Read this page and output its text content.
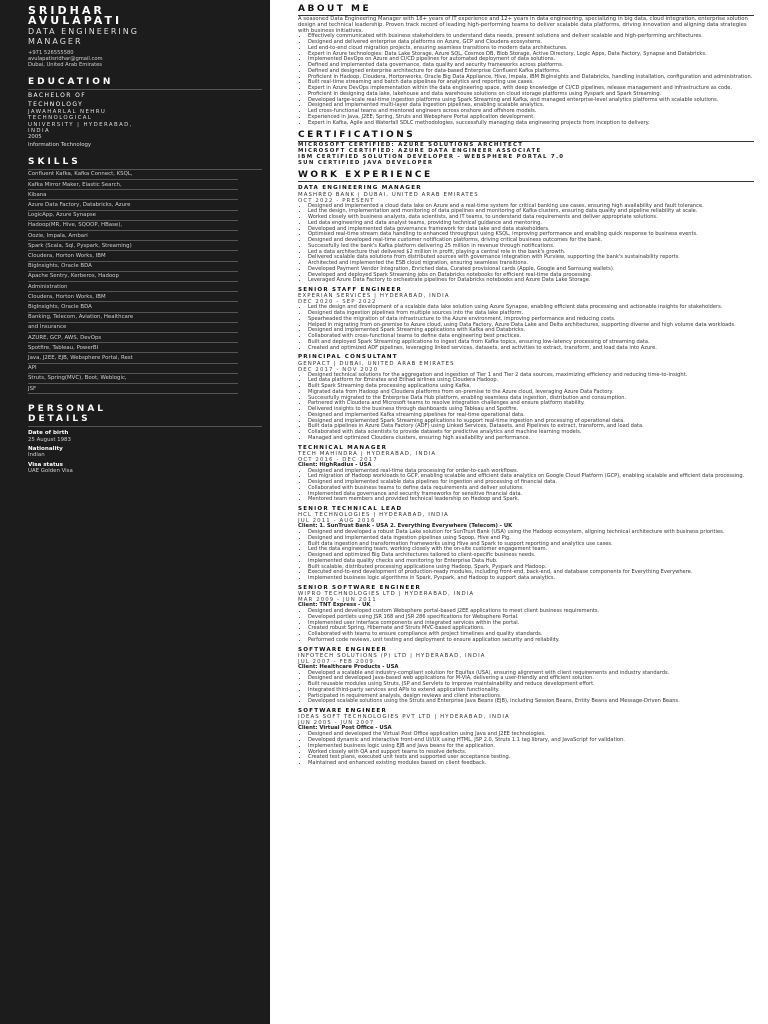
SRIDHAR
AVULAPATI
DATA ENGINEERING
MANAGER
+971 526555580
avulapatisridhar@gmail.com
Dubai, United Arab Emirates
EDUCATION
BACHELOR OF
TECHNOLOGY
JAWAHARLAL NEHRU
TECHNOLOGICAL
UNIVERSITY | HYDERABAD,
INDIA
2005
Information Technology
SKILLS
Confluent Kafka, Kafka Connect, KSQL,
Kafka Mirror Maker, Elastic Search,
Kibana
Azure Data Factory, Databricks, Azure
LogicApp, Azure Synapse
Hadoop(MR, Hive, SQOOP, HBase),
Oozie, Impala, Ambari
Spark (Scala, Sql, Pyspark, Streaming)
Cloudera, Horton Works, IBM
BigInsights, Oracle BDA
Apache Sentry, Kerberos, Hadoop
Administration
Cloudera, Horton Works, IBM
BigInsights, Oracle BDA
Banking, Telecom, Aviation, Healthcare
and Insurance
AZURE, GCP, AWS, DevOps
Spotfire, Tableau, PowerBI
Java, J2EE, EJB, Websphere Portal, Rest
API
Struts, Spring(MVC), Boot, Weblogic,
JSF
PERSONAL
DETAILS
Date of birth
25 August 1983
Nationality
Indian
Visa status
UAE Golden Visa
ABOUT ME
A seasoned Data Engineering Manager with 18+ years of IT experience and 12+ years in data engineering, specializing in big data, cloud integration, enterprise solution design and technical leadership. Proven track record of leading high-performing teams to deliver scalable data platforms, driving innovation and aligning data strategies with business initiatives.
• Effectively communicated with business stakeholders to understand data needs, present solutions and deliver scalable and high-performing architectures.
• Designed and delivered enterprise data platforms on Azure, GCP and Cloudera ecosystems.
• Led end-to-end cloud migration projects, ensuring seamless transitions to modern data architectures.
• Expert in Azure technologies: Data Lake Storage, Azure SQL, Cosmos DB, Blob Storage, Active Directory, Logic Apps, Data Factory, Synapse and Databricks.
• Implemented DevOps on Azure and CI/CD pipelines for automated deployment of data solutions.
• Defined and implemented data governance, data quality and security frameworks across platforms.
• Defined and designed enterprise architecture for data-based Enterprise Confluent Kafka platforms.
• Proficient in Hadoop, Cloudera, Hortonworks, Oracle Big Data Appliance, Hive, Impala, IBM BigInsights and Databricks, handling installation, configuration and administration.
• Built real-time streaming and batch data pipelines for analytics and reporting use cases.
• Expert in Azure DevOps implementation within the data engineering space, with deep knowledge of CI/CD pipelines, release management and infrastructure as code.
• Proficient in designing data lake, lakehouse and data warehouse solutions on cloud storage platforms using Pyspark and Spark Streaming.
• Developed large-scale real-time ingestion platforms using Spark Streaming and Kafka, and managed enterprise-level analytics platforms with scalable solutions.
• Designed and implemented multi-layer data ingestion pipelines, enabling scalable analytics.
• Led cross-functional teams and mentored engineers across onshore and offshore models.
• Experienced in Java, J2EE, Spring, Struts and Websphere Portal application development.
• Expert in Kafka, Agile and Waterfall SDLC methodologies, successfully managing data engineering projects from inception to delivery.
CERTIFICATIONS
MICROSOFT CERTIFIED: AZURE SOLUTIONS ARCHITECT
MICROSOFT CERTIFIED: AZURE DATA ENGINEER ASSOCIATE
IBM CERTIFIED SOLUTION DEVELOPER - WEBSPHERE PORTAL 7.0
SUN CERTIFIED JAVA DEVELOPER
WORK EXPERIENCE
DATA ENGINEERING MANAGER
MASHREQ BANK | DUBAI, UNITED ARAB EMIRATES
OCT 2022 - PRESENT
• Designed and implemented a cloud data lake on Azure and a real-time system for critical banking use cases, ensuring high availability and fault tolerance.
• Led the design, implementation and monitoring of data pipelines and monitoring of Kafka clusters, ensuring data quality and pipeline reliability at scale.
• Worked closely with business analysts, data scientists, and IT teams, to understand data requirements and deliver appropriate solutions.
• Led data engineering and data analyst teams, providing technical guidance and mentoring.
• Developed and implemented data governance framework for data lake and data stakeholders.
• Optimised real-time stream data handling to enhanced throughput using KSQL, improving performance and enabling quick response to business events.
• Designed and developed real-time customer notification platforms, driving critical business outcomes for the bank.
• Successfully led the bank's Kafka platform delivering 25 million in revenue through notifications.
• Led a data architecture that delivered $2 million in profit, playing a central role in the bank's growth.
• Delivered scalable data solutions from distributed sources with governance integration with Purview, supporting the bank's sustainability reports.
• Architected and implemented the ESB cloud migration, ensuring seamless transitions.
• Developed Payment Vendor Integration, Enriched data, Curated provisional cards (Apple, Google and Samsung wallets).
• Developed and deployed Spark Streaming jobs on Databricks notebooks for efficient real-time data processing.
• Leveraged Azure Data Factory to orchestrate pipelines for Databricks notebooks and Azure Data Lake Storage.
SENIOR STAFF ENGINEER
EXPERIAN SERVICES | HYDERABAD, INDIA
DEC 2020 - SEP 2022
• Led the design and development of a scalable data lake solution using Azure Synapse, enabling efficient data processing and actionable insights for stakeholders.
• Designed data ingestion pipelines from multiple sources into the data lake platform.
• Spearheaded the migration of data infrastructure to the Azure environment, improving performance and reducing costs.
• Helped in migrating from on-premise to Azure cloud, using Data Factory, Azure Data Lake and Delta architectures, supporting diverse and high volume data workloads.
• Designed and implemented Spark Streaming applications with Kafka and Databricks.
• Collaborated with cross-functional teams to define data engineering best practices.
• Built and deployed Spark Streaming applications to ingest data from Kafka topics, ensuring low-latency processing of streaming data.
• Created and optimized ADF pipelines, leveraging linked services, datasets, and activities to extract, transform, and load data into Azure.
PRINCIPAL CONSULTANT
GENPACT | DUBAI, UNITED ARAB EMIRATES
DEC 2017 - NOV 2020
• Designed technical solutions for the aggregation and ingestion of Tier 1 and Tier 2 data sources, maximizing efficiency and reducing time-to-insight.
• Led data platform for Emirates and Etihad airlines using Cloudera Hadoop.
• Built Spark Streaming data processing applications using Kafka.
• Migrated data from Hadoop and Cloudera platforms from on-premise to the Azure cloud, leveraging Azure Data Factory.
• Successfully migrated to the Enterprise Data Hub platform, enabling seamless data ingestion, distribution and consumption.
• Partnered with Cloudera and Microsoft teams to resolve integration challenges and ensure platform stability.
• Delivered insights to the business through dashboards using Tableau and Spotfire.
• Designed and implemented Kafka streaming pipelines for real-time operational data.
• Designed and implemented Spark Streaming applications to support real-time ingestion and processing of operational data.
• Built data pipelines in Azure Data Factory (ADF) using Linked Services, Datasets, and Pipelines to extract, transform, and load data.
• Collaborated with data scientists to provide datasets for predictive analytics and machine learning models.
• Managed and optimized Cloudera clusters, ensuring high availability and performance.
TECHNICAL MANAGER
TECH MAHINDRA | HYDERABAD, INDIA
OCT 2016 - DEC 2017
Client: HighRadius - USA
• Designed and implemented real-time data processing for order-to-cash workflows.
• Led migration of Hadoop workloads to GCP, enabling scalable and efficient data analytics on Google Cloud Platform (GCP), enabling scalable and efficient data processing.
• Designed and implemented scalable data pipelines for ingestion and processing of financial data.
• Collaborated with business teams to define data requirements and deliver solutions.
• Implemented data governance and security frameworks for sensitive financial data.
• Mentored team members and provided technical leadership on Hadoop and Spark.
SENIOR TECHNICAL LEAD
HCL TECHNOLOGIES | HYDERABAD, INDIA
JUL 2011 - AUG 2016
Client: 1. SunTrust Bank - USA 2. Everything Everywhere (Telecom) - UK
• Designed and developed a robust Data Lake solution for SunTrust Bank (USA) using the Hadoop ecosystem, aligning technical architecture with business priorities.
• Designed and implemented data ingestion pipelines using Sqoop, Hive and Pig.
• Built data ingestion and transformation frameworks using Hive and Spark to support reporting and analytics use cases.
• Led the data engineering team, working closely with the on-site customer engagement team.
• Designed and optimized Big Data architectures tailored to client-specific business needs.
• Implemented data quality checks and monitoring for Enterprise Data Hub.
• Built scalable, distributed processing applications using Hadoop, Spark, Pyspark and Hadoop.
• Executed end-to-end development of production-ready modules, including front-end, back-end, and database components for Everything Everywhere.
• Implemented business logic algorithms in Spark, Pyspark, and Hadoop to support data analytics.
SENIOR SOFTWARE ENGINEER
WIPRO TECHNOLOGIES LTD | HYDERABAD, INDIA
MAR 2009 - JUN 2011
Client: TNT Express - UK
• Designed and developed custom Websphere portal-based J2EE applications to meet client business requirements.
• Developed portlets using JSR 168 and JSR 286 specifications for Websphere Portal.
• Implemented user interface components and integrated services within the portal.
• Created robust Spring, Hibernate and Struts MVC-based applications.
• Collaborated with teams to ensure compliance with project timelines and quality standards.
• Performed code reviews, unit testing and deployment to ensure application security and reliability.
SOFTWARE ENGINEER
INFOTECH SOLUTIONS (P) LTD | HYDERABAD, INDIA
JUL 2007 - FEB 2009
Client: Healthcare Products - USA
• Developed a scalable and industry-compliant solution for Equifax (USA), ensuring alignment with client requirements and industry standards.
• Designed and developed Java-based web applications for M-VIA, delivering a user-friendly and efficient solution.
• Built reusable modules using Struts, JSP and Servlets to improve maintainability and reduce development effort.
• Integrated third-party services and APIs to extend application functionality.
• Participated in requirement analysis, design reviews and client interactions.
• Developed scalable solutions using the Struts and Enterprise Java Beans (EJB), including Session Beans, Entity Beans and Message-Driven Beans.
SOFTWARE ENGINEER
IDEAS SOFT TECHNOLOGIES PVT LTD | HYDERABAD, INDIA
JUN 2005 - JUN 2007
Client: Virtual Post Office - USA
• Designed and developed the Virtual Post Office application using Java and J2EE technologies.
• Developed dynamic and interactive front-end UI/UX using HTML, JSP 2.0, Struts 1.1 tag library, and JavaScript for validation.
• Implemented business logic using EJB and Java beans for the application.
• Worked closely with QA and support teams to resolve defects.
• Created test plans, executed unit tests and supported user acceptance testing.
• Maintained and enhanced existing modules based on client feedback.
